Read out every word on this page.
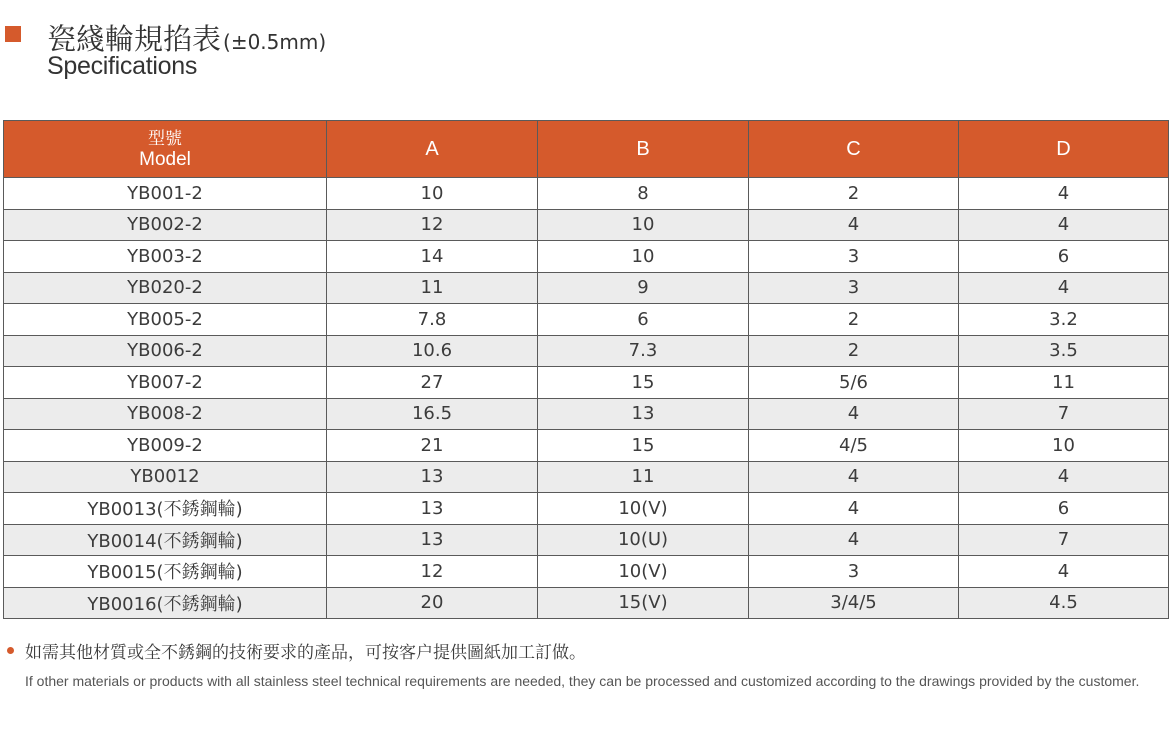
瓷綫輪規掐表 (±0.5mm)
Specifications
型號
Model	A	B	C	D
YB001-2	10	8	2	4
YB002-2	12	10	4	4
YB003-2	14	10	3	6
YB020-2	11	9	3	4
YB005-2	7.8	6	2	3.2
YB006-2	10.6	7.3	2	3.5
YB007-2	27	15	5/6	11
YB008-2	16.5	13	4	7
YB009-2	21	15	4/5	10
YB0012	13	11	4	4
YB0013(不銹鋼輪)	13	10(V)	4	6
YB0014(不銹鋼輪)	13	10(U)	4	7
YB0015(不銹鋼輪)	12	10(V)	3	4
YB0016(不銹鋼輪)	20	15(V)	3/4/5	4.5
如需其他材質或全不銹鋼的技術要求的產品，可按客户提供圖紙加工訂做。
If other materials or products with all stainless steel technical requirements are needed, they can be processed and customized according to the drawings provided by the customer.
